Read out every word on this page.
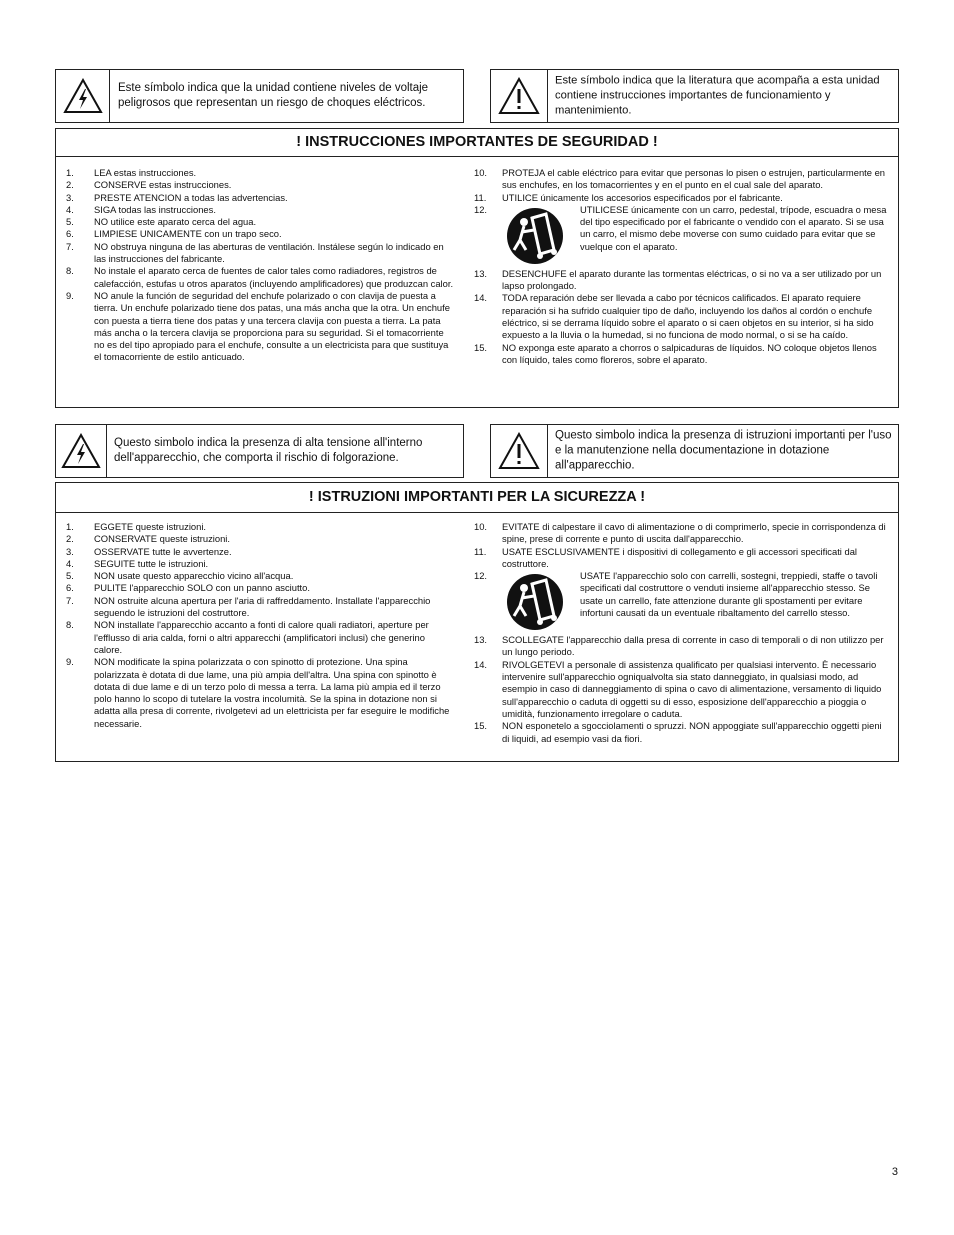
Este símbolo indica que la unidad contiene niveles de voltaje peligrosos que representan un riesgo de choques eléctricos.

Este símbolo indica que la literatura que acompaña a esta unidad contiene instrucciones importantes de funcionamiento y mantenimiento.

! INSTRUCCIONES IMPORTANTES DE SEGURIDAD !
1. LEA estas instrucciones.
2. CONSERVE estas instrucciones.
3. PRESTE ATENCION a todas las advertencias.
4. SIGA todas las instrucciones.
5. NO utilice este aparato cerca del agua.
6. LIMPIESE UNICAMENTE con un trapo seco.
7. NO obstruya ninguna de las aberturas de ventilación. Instálese según lo indicado en las instrucciones del fabricante.
8. No instale el aparato cerca de fuentes de calor tales como radiadores, registros de calefacción, estufas u otros aparatos (incluyendo amplificadores) que produzcan calor.
9. NO anule la función de seguridad del enchufe polarizado o con clavija de puesta a tierra. Un enchufe polarizado tiene dos patas, una más ancha que la otra. Un enchufe con puesta a tierra tiene dos patas y una tercera clavija con puesta a tierra. La pata más ancha o la tercera clavija se proporciona para su seguridad. Si el tomacorriente no es del tipo apropiado para el enchufe, consulte a un electricista para que sustituya el tomacorriente de estilo anticuado.
10. PROTEJA el cable eléctrico para evitar que personas lo pisen o estrujen, particularmente en sus enchufes, en los tomacorrientes y en el punto en el cual sale del aparato.
11. UTILICE únicamente los accesorios especificados por el fabricante.
12.	UTILICESE únicamente con un carro, pedestal, trípode, escuadra o mesa del tipo especificado por el fabricante o vendido con el aparato. Si se usa un carro, el mismo debe moverse con sumo cuidado para evitar que se vuelque con el aparato.
13. DESENCHUFE el aparato durante las tormentas eléctricas, o si no va a ser utilizado por un lapso prolongado.
14. TODA reparación debe ser llevada a cabo por técnicos calificados. El aparato requiere reparación si ha sufrido cualquier tipo de daño, incluyendo los daños al cordón o enchufe eléctrico, si se derrama líquido sobre el aparato o si caen objetos en su interior, si ha sido expuesto a la lluvia o la humedad, si no funciona de modo normal, o si se ha caído.
15. NO exponga este aparato a chorros o salpicaduras de líquidos. NO coloque objetos llenos con líquido, tales como floreros, sobre el aparato.

Questo simbolo indica la presenza di alta tensione all'interno dell'apparecchio, che comporta il rischio di folgorazione.

Questo simbolo indica la presenza di istruzioni importanti per l'uso e la manutenzione nella documentazione in dotazione all'apparecchio.

! ISTRUZIONI IMPORTANTI PER LA SICUREZZA !
1. EGGETE queste istruzioni.
2. CONSERVATE queste istruzioni.
3. OSSERVATE tutte le avvertenze.
4. SEGUITE tutte le istruzioni.
5. NON usate questo apparecchio vicino all'acqua.
6. PULITE l'apparecchio SOLO con un panno asciutto.
7. NON ostruite alcuna apertura per l'aria di raffreddamento. Installate l'apparecchio seguendo le istruzioni del costruttore.
8. NON installate l'apparecchio accanto a fonti di calore quali radiatori, aperture per l'efflusso di aria calda, forni o altri apparecchi (amplificatori inclusi) che generino calore.
9. NON modificate la spina polarizzata o con spinotto di protezione. Una spina polarizzata è dotata di due lame, una più ampia dell'altra. Una spina con spinotto è dotata di due lame e di un terzo polo di messa a terra. La lama più ampia ed il terzo polo hanno lo scopo di tutelare la vostra incolumità. Se la spina in dotazione non si adatta alla presa di corrente, rivolgetevi ad un elettricista per far eseguire le modifiche necessarie.
10. EVITATE di calpestare il cavo di alimentazione o di comprimerlo, specie in corrispondenza di spine, prese di corrente e punto di uscita dall'apparecchio.
11. USATE ESCLUSIVAMENTE i dispositivi di collegamento e gli accessori specificati dal costruttore.
12.	USATE l'apparecchio solo con carrelli, sostegni, treppiedi, staffe o tavoli specificati dal costruttore o venduti insieme all'apparecchio stesso. Se usate un carrello, fate attenzione durante gli spostamenti per evitare infortuni causati da un eventuale ribaltamento del carrello stesso.
13. SCOLLEGATE l'apparecchio dalla presa di corrente in caso di temporali o di non utilizzo per un lungo periodo.
14. RIVOLGETEVI a personale di assistenza qualificato per qualsiasi intervento. È necessario intervenire sull'apparecchio ogniqualvolta sia stato danneggiato, in qualsiasi modo, ad esempio in caso di danneggiamento di spina o cavo di alimentazione, versamento di liquido sull'apparecchio o caduta di oggetti su di esso, esposizione dell'apparecchio a pioggia o umidità, funzionamento irregolare o caduta.
15. NON esponetelo a sgocciolamenti o spruzzi. NON appoggiate sull'apparecchio oggetti pieni di liquidi, ad esempio vasi da fiori.
3
